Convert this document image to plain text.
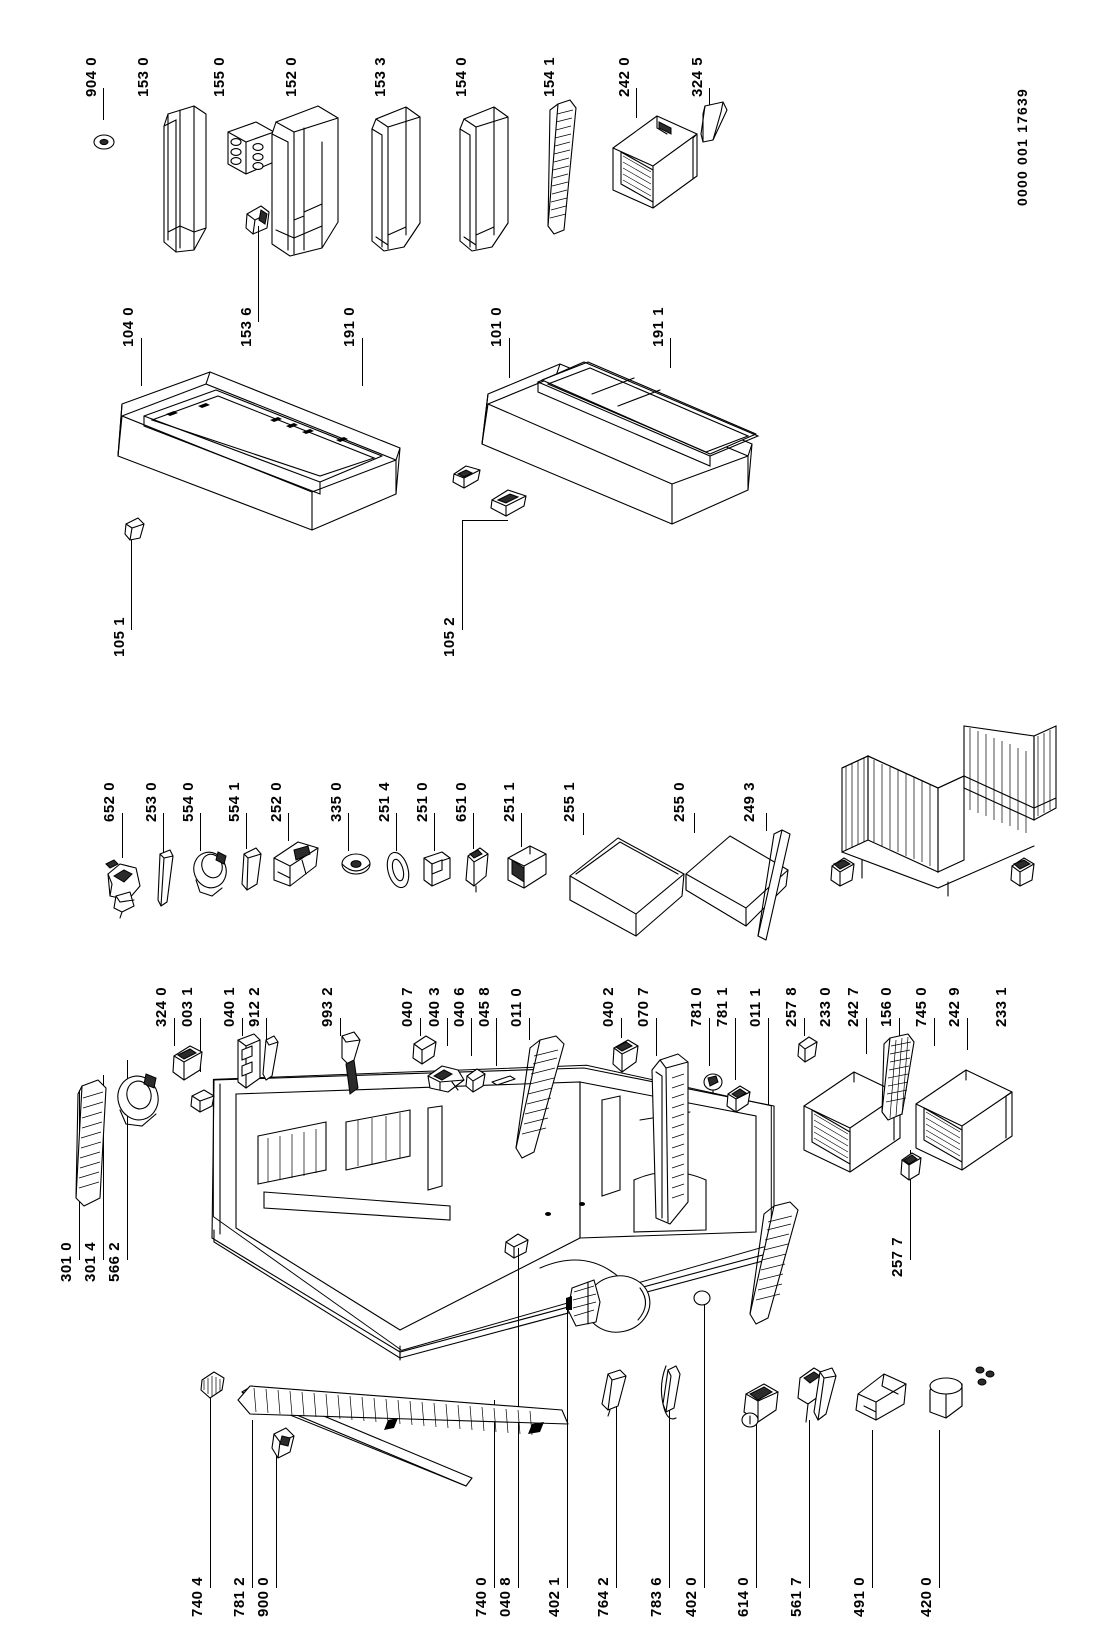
0000 001 17639
904 0 153 0	155 0	152 0	153 3	154 0	154 1	242 0	324 5
104 0	153 6	191 0	101 0	191 1
105 1	105 2
652 0 253 0 554 0 554 1 252 0	335 0 251 4 251 0 651 0 251 1	255 1	255 0	249 3
324 0 003 1 040 1 912 2	993 2	040 7 040 3 040 6 045 8 011 0	040 2 070 7 781 0 781 1 011 1 257 8 233 0 242 7 156 0 745 0 242 9 233 1
301 0 301 4 566 2	257 7
740 4 781 2 900 0	740 0 040 8 402 1 764 2 783 6 402 0 614 0 561 7	491 0	420 0
